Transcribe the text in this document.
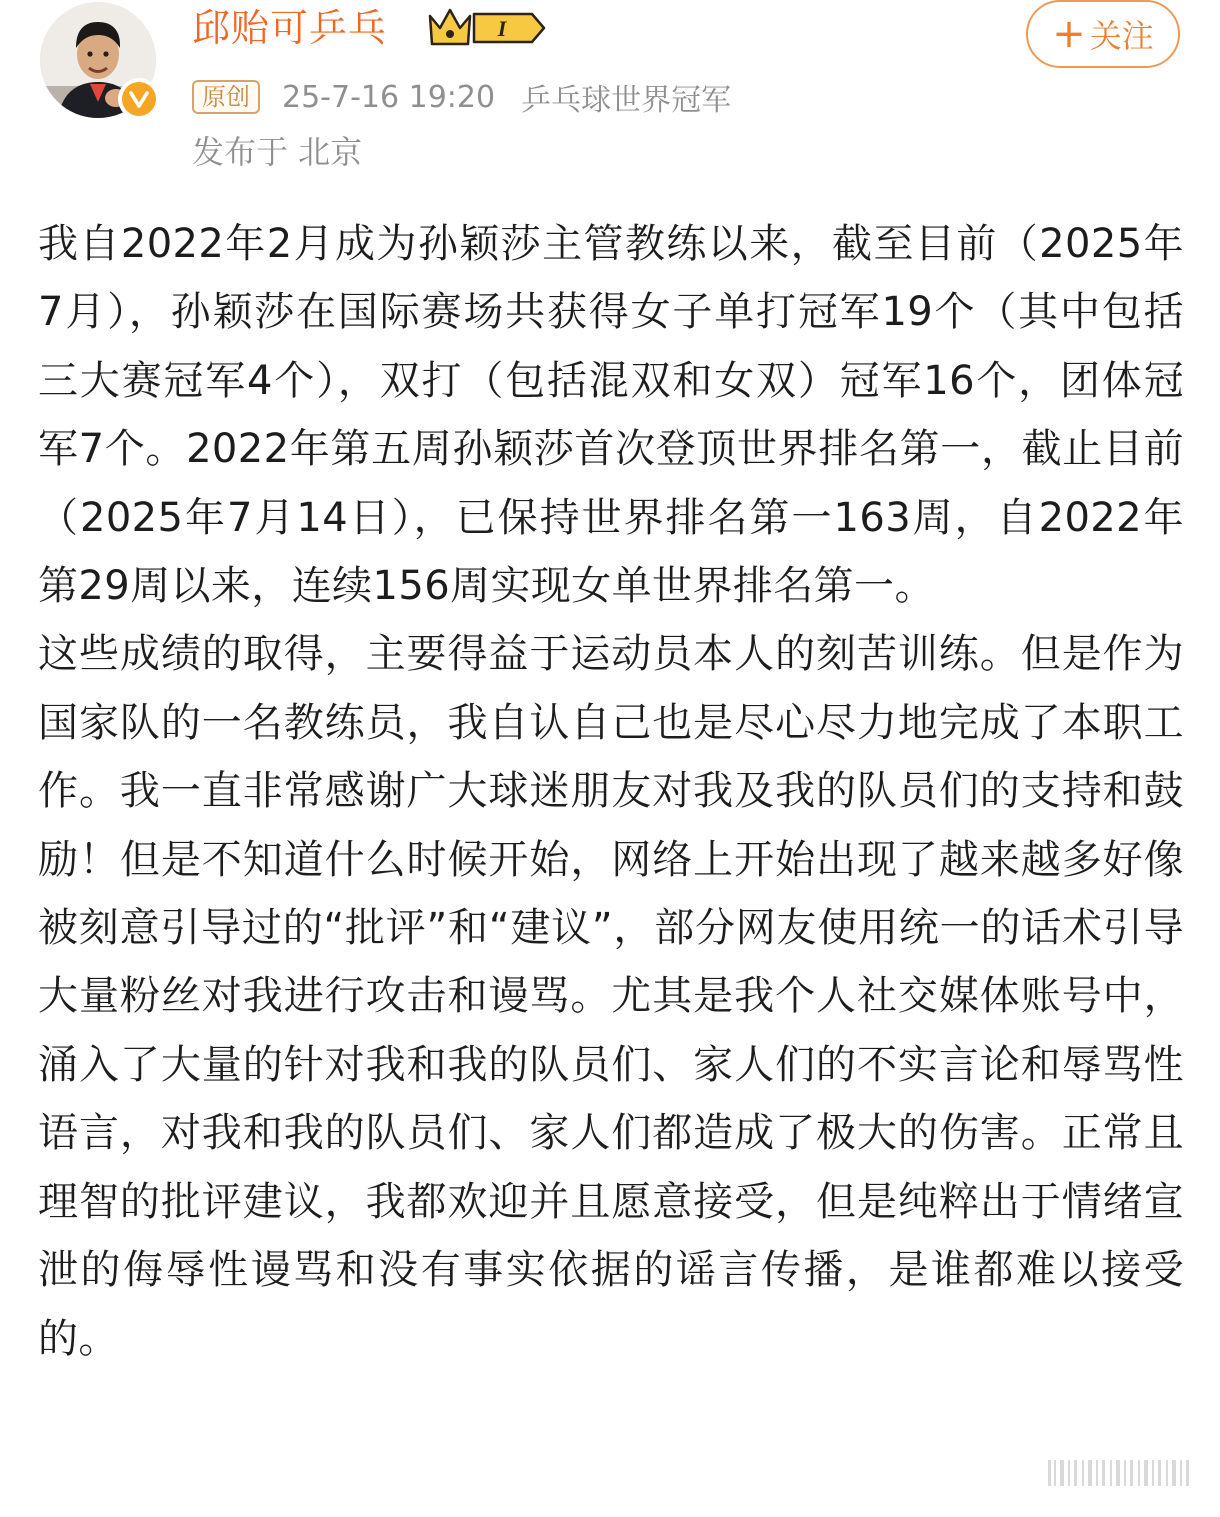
邱贻可乒乓	I
原创	25-7-16 19:20 乒乓球世界冠军
发布于 北京
+ 关注

我自2022年2月成为孙颖莎主管教练以来，截至目前（2025年7月），孙颖莎在国际赛场共获得女子单打冠军19个（其中包括三大赛冠军4个），双打（包括混双和女双）冠军16个，团体冠军7个。2022年第五周孙颖莎首次登顶世界排名第一，截止目前（2025年7月14日），已保持世界排名第一163周，自2022年第29周以来，连续156周实现女单世界排名第一。

这些成绩的取得，主要得益于运动员本人的刻苦训练。但是作为国家队的一名教练员，我自认自己也是尽心尽力地完成了本职工作。我一直非常感谢广大球迷朋友对我及我的队员们的支持和鼓励！但是不知道什么时候开始，网络上开始出现了越来越多好像被刻意引导过的“批评”和“建议”，部分网友使用统一的话术引导大量粉丝对我进行攻击和谩骂。尤其是我个人社交媒体账号中，涌入了大量的针对我和我的队员们、家人们的不实言论和辱骂性语言，对我和我的队员们、家人们都造成了极大的伤害。正常且理智的批评建议，我都欢迎并且愿意接受，但是纯粹出于情绪宣泄的侮辱性谩骂和没有事实依据的谣言传播，是谁都难以接受的。
